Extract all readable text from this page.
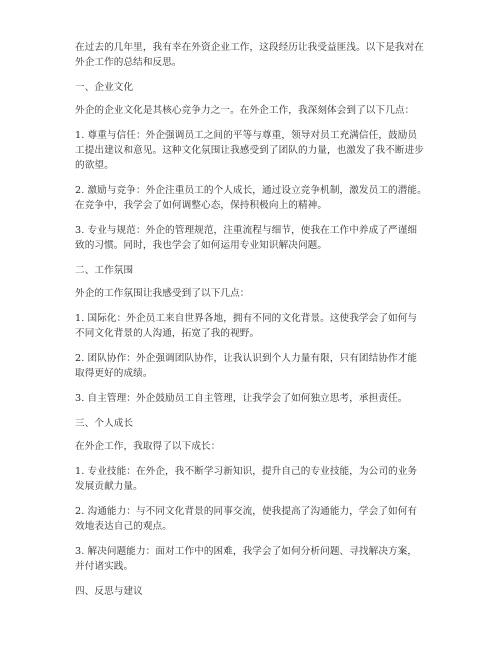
在过去的几年里，我有幸在外资企业工作，这段经历让我受益匪浅。以下是我对在
外企工作的总结和反思。
一、企业文化
外企的企业文化是其核心竞争力之一。在外企工作，我深刻体会到了以下几点：
1. 尊重与信任：外企强调员工之间的平等与尊重，领导对员工充满信任，鼓励员
工提出建议和意见。这种文化氛围让我感受到了团队的力量，也激发了我不断进步
的欲望。
2. 激励与竞争：外企注重员工的个人成长，通过设立竞争机制，激发员工的潜能。
在竞争中，我学会了如何调整心态，保持积极向上的精神。
3. 专业与规范：外企的管理规范，注重流程与细节，使我在工作中养成了严谨细
致的习惯。同时，我也学会了如何运用专业知识解决问题。
二、工作氛围
外企的工作氛围让我感受到了以下几点：
1. 国际化：外企员工来自世界各地，拥有不同的文化背景。这使我学会了如何与
不同文化背景的人沟通，拓宽了我的视野。
2. 团队协作：外企强调团队协作，让我认识到个人力量有限，只有团结协作才能
取得更好的成绩。
3. 自主管理：外企鼓励员工自主管理，让我学会了如何独立思考，承担责任。
三、个人成长
在外企工作，我取得了以下成长：
1. 专业技能：在外企，我不断学习新知识，提升自己的专业技能，为公司的业务
发展贡献力量。
2. 沟通能力：与不同文化背景的同事交流，使我提高了沟通能力，学会了如何有
效地表达自己的观点。
3. 解决问题能力：面对工作中的困难，我学会了如何分析问题、寻找解决方案，
并付诸实践。
四、反思与建议
